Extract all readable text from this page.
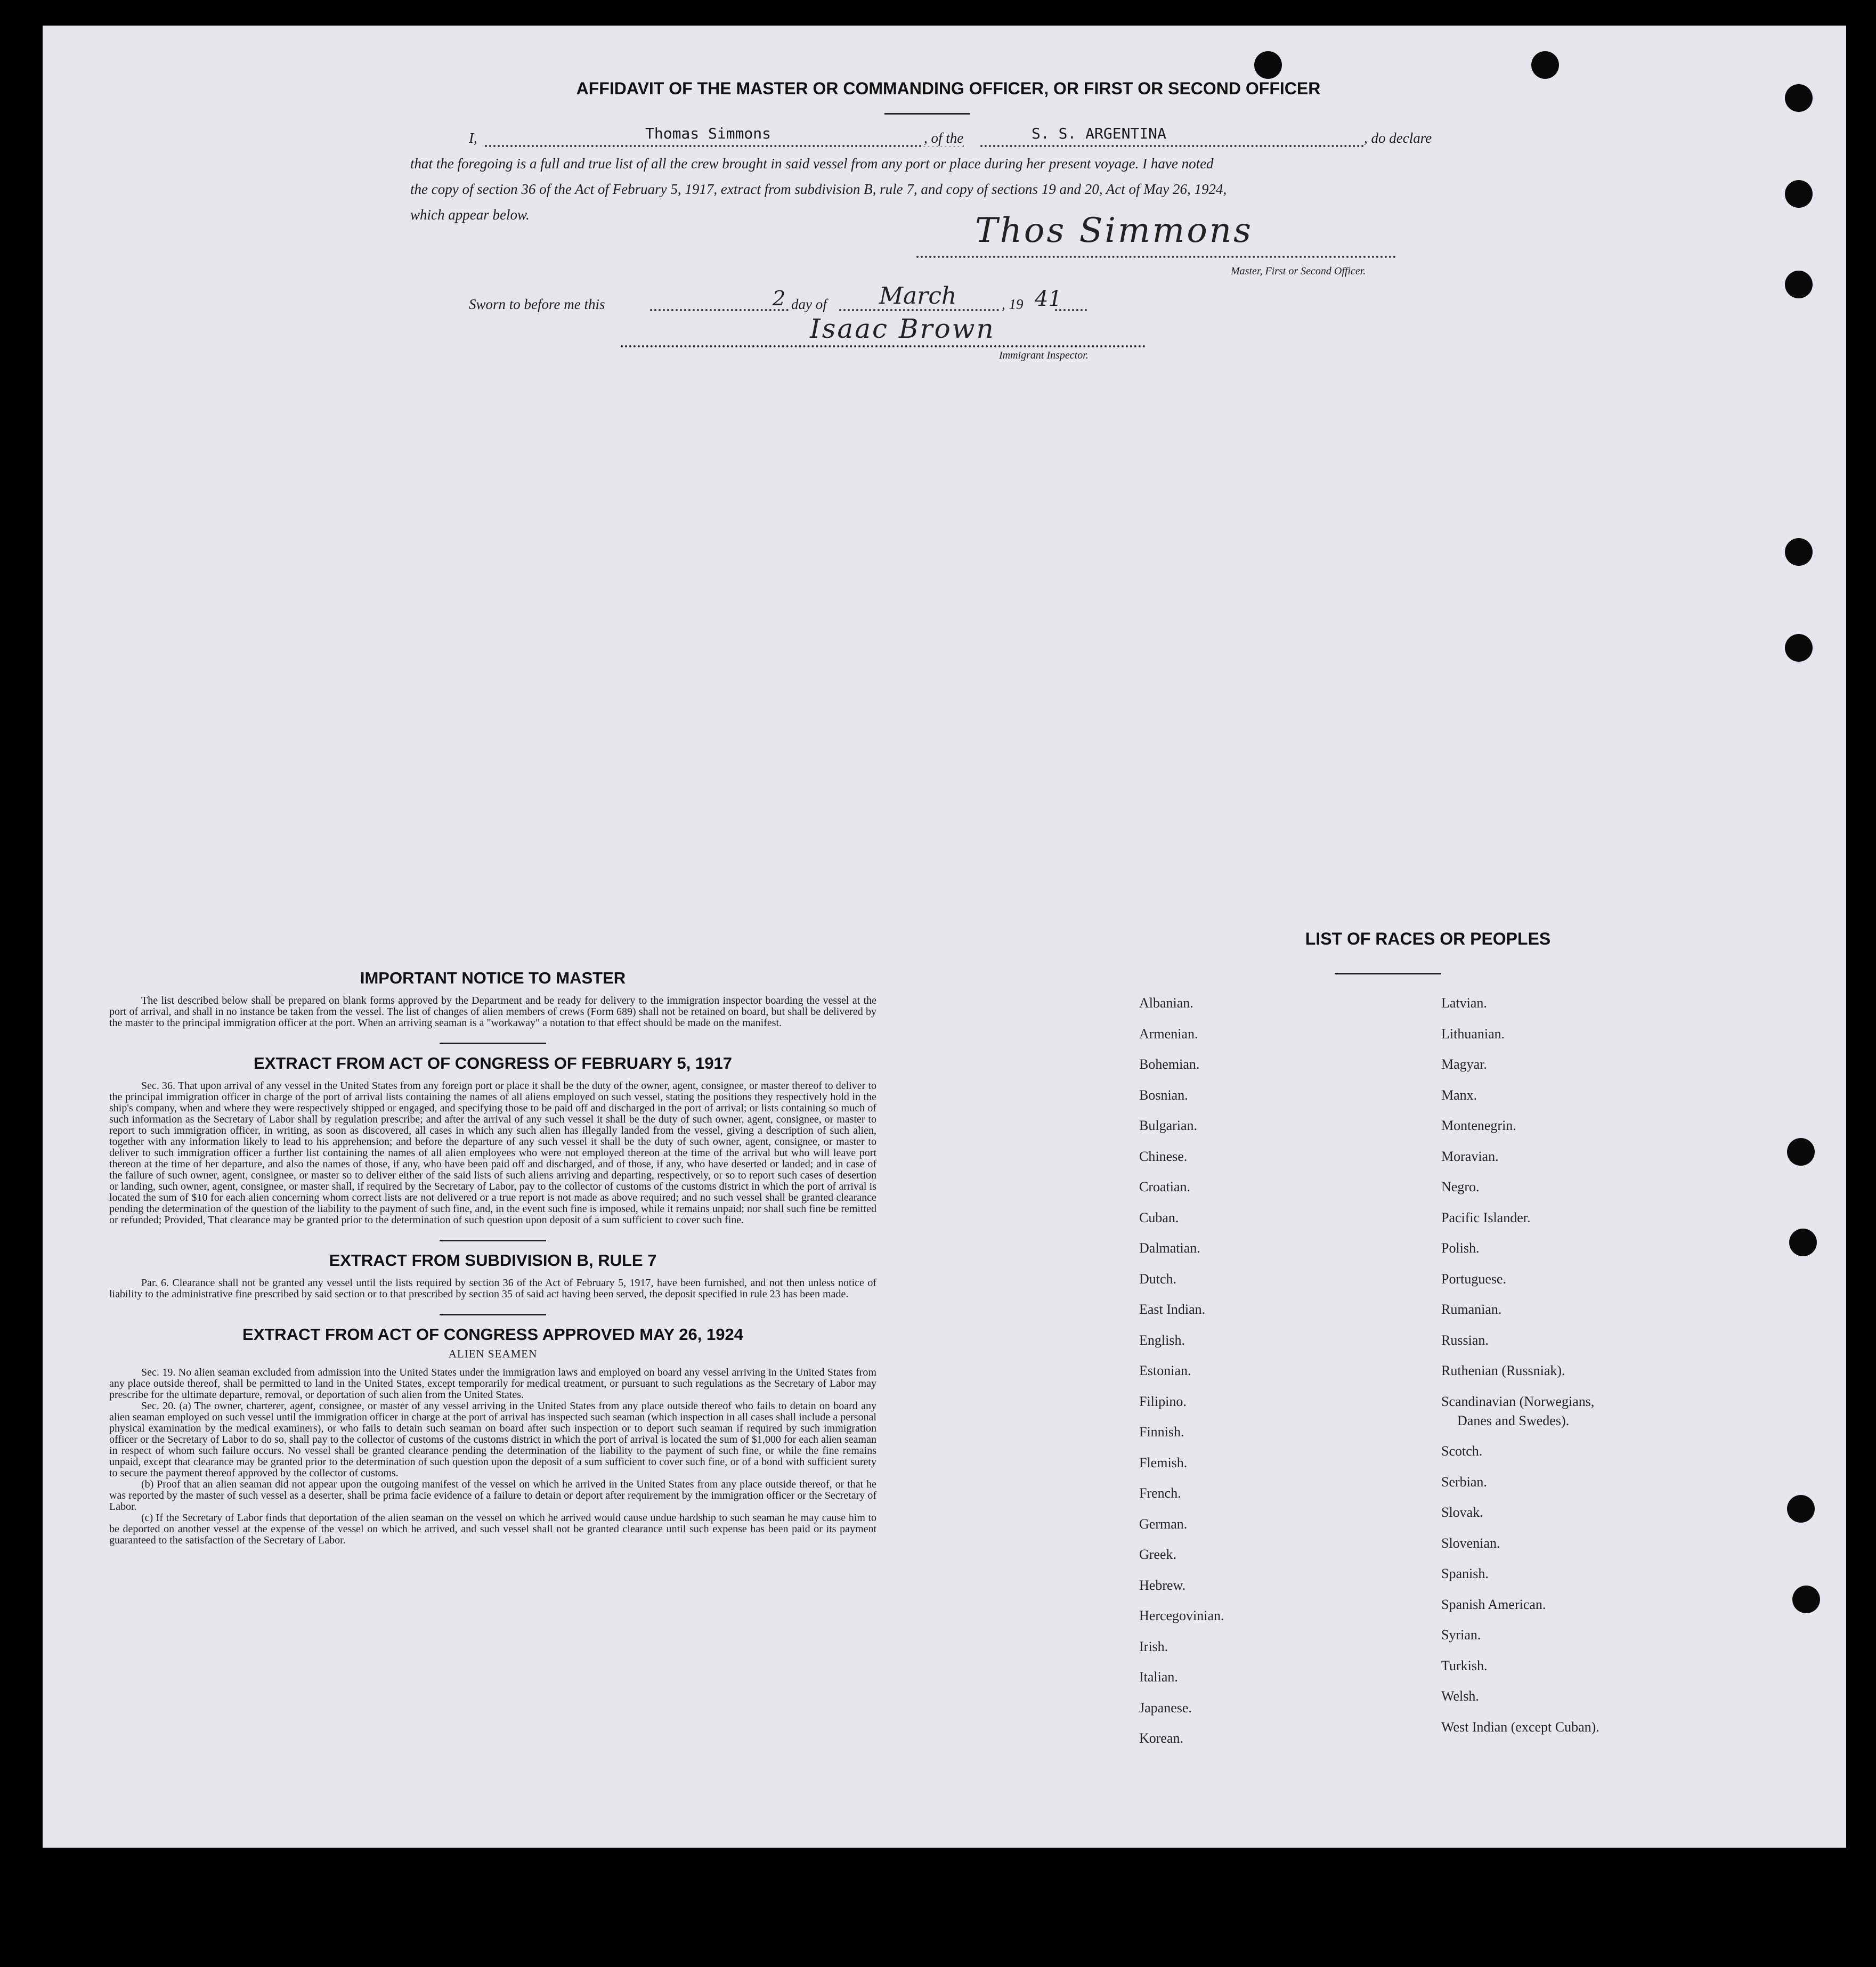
AFFIDAVIT OF THE MASTER OR COMMANDING OFFICER, OR FIRST OR SECOND OFFICER
I,	Thomas Simmons	, of the	S. S. ARGENTINA	, do declare
that the foregoing is a full and true list of all the crew brought in said vessel from any port or place during her present voyage. I have noted
the copy of section 36 of the Act of February 5, 1917, extract from subdivision B, rule 7, and copy of sections 19 and 20, Act of May 26, 1924,
which appear below.	Thos Simmons
Master, First or Second Officer.
Sworn to before me this	2 day of March	, 19 41
Isaac Brown
Immigrant Inspector.
IMPORTANT NOTICE TO MASTER
The list described below shall be prepared on blank forms approved by the Department and be ready for delivery to the immigration inspector boarding the vessel at the port of arrival, and shall in no instance be taken from the vessel. The list of changes of alien members of crews (Form 689) shall not be retained on board, but shall be delivered by the master to the principal immigration officer at the port. When an arriving seaman is a "workaway" a notation to that effect should be made on the manifest.
EXTRACT FROM ACT OF CONGRESS OF FEBRUARY 5, 1917
Sec. 36. That upon arrival of any vessel in the United States from any foreign port or place it shall be the duty of the owner, agent, consignee, or master thereof to deliver to the principal immigration officer in charge of the port of arrival lists containing the names of all aliens employed on such vessel, stating the positions they respectively hold in the ship's company, when and where they were respectively shipped or engaged, and specifying those to be paid off and discharged in the port of arrival; or lists containing so much of such information as the Secretary of Labor shall by regulation prescribe; and after the arrival of any such vessel it shall be the duty of such owner, agent, consignee, or master to report to such immigration officer, in writing, as soon as discovered, all cases in which any such alien has illegally landed from the vessel, giving a description of such alien, together with any information likely to lead to his apprehension; and before the departure of any such vessel it shall be the duty of such owner, agent, consignee, or master to deliver to such immigration officer a further list containing the names of all alien employees who were not employed thereon at the time of the arrival but who will leave port thereon at the time of her departure, and also the names of those, if any, who have been paid off and discharged, and of those, if any, who have deserted or landed; and in case of the failure of such owner, agent, consignee, or master so to deliver either of the said lists of such aliens arriving and departing, respectively, or so to report such cases of desertion or landing, such owner, agent, consignee, or master shall, if required by the Secretary of Labor, pay to the collector of customs of the customs district in which the port of arrival is located the sum of $10 for each alien concerning whom correct lists are not delivered or a true report is not made as above required; and no such vessel shall be granted clearance pending the determination of the question of the liability to the payment of such fine, and, in the event such fine is imposed, while it remains unpaid; nor shall such fine be remitted or refunded; Provided, That clearance may be granted prior to the determination of such question upon deposit of a sum sufficient to cover such fine.
EXTRACT FROM SUBDIVISION B, RULE 7
Par. 6. Clearance shall not be granted any vessel until the lists required by section 36 of the Act of February 5, 1917, have been furnished, and not then unless notice of liability to the administrative fine prescribed by said section or to that prescribed by section 35 of said act having been served, the deposit specified in rule 23 has been made.
EXTRACT FROM ACT OF CONGRESS APPROVED MAY 26, 1924
ALIEN SEAMEN
Sec. 19. No alien seaman excluded from admission into the United States under the immigration laws and employed on board any vessel arriving in the United States from any place outside thereof, shall be permitted to land in the United States, except temporarily for medical treatment, or pursuant to such regulations as the Secretary of Labor may prescribe for the ultimate departure, removal, or deportation of such alien from the United States.
Sec. 20. (a) The owner, charterer, agent, consignee, or master of any vessel arriving in the United States from any place outside thereof who fails to detain on board any alien seaman employed on such vessel until the immigration officer in charge at the port of arrival has inspected such seaman (which inspection in all cases shall include a personal physical examination by the medical examiners), or who fails to detain such seaman on board after such inspection or to deport such seaman if required by such immigration officer or the Secretary of Labor to do so, shall pay to the collector of customs of the customs district in which the port of arrival is located the sum of $1,000 for each alien seaman in respect of whom such failure occurs. No vessel shall be granted clearance pending the determination of the liability to the payment of such fine, or while the fine remains unpaid, except that clearance may be granted prior to the determination of such question upon the deposit of a sum sufficient to cover such fine, or of a bond with sufficient surety to secure the payment thereof approved by the collector of customs.
(b) Proof that an alien seaman did not appear upon the outgoing manifest of the vessel on which he arrived in the United States from any place outside thereof, or that he was reported by the master of such vessel as a deserter, shall be prima facie evidence of a failure to detain or deport after requirement by the immigration officer or the Secretary of Labor.
(c) If the Secretary of Labor finds that deportation of the alien seaman on the vessel on which he arrived would cause undue hardship to such seaman he may cause him to be deported on another vessel at the expense of the vessel on which he arrived, and such vessel shall not be granted clearance until such expense has been paid or its payment guaranteed to the satisfaction of the Secretary of Labor.
LIST OF RACES OR PEOPLES
Albanian.
Armenian.
Bohemian.
Bosnian.
Bulgarian.
Chinese.
Croatian.
Cuban.
Dalmatian.
Dutch.
East Indian.
English.
Estonian.
Filipino.
Finnish.
Flemish.
French.
German.
Greek.
Hebrew.
Hercegovinian.
Irish.
Italian.
Japanese.
Korean.
Latvian.
Lithuanian.
Magyar.
Manx.
Montenegrin.
Moravian.
Negro.
Pacific Islander.
Polish.
Portuguese.
Rumanian.
Russian.
Ruthenian (Russniak).
Scandinavian (Norwegians,
Danes and Swedes).
Scotch.
Serbian.
Slovak.
Slovenian.
Spanish.
Spanish American.
Syrian.
Turkish.
Welsh.
West Indian (except Cuban).
